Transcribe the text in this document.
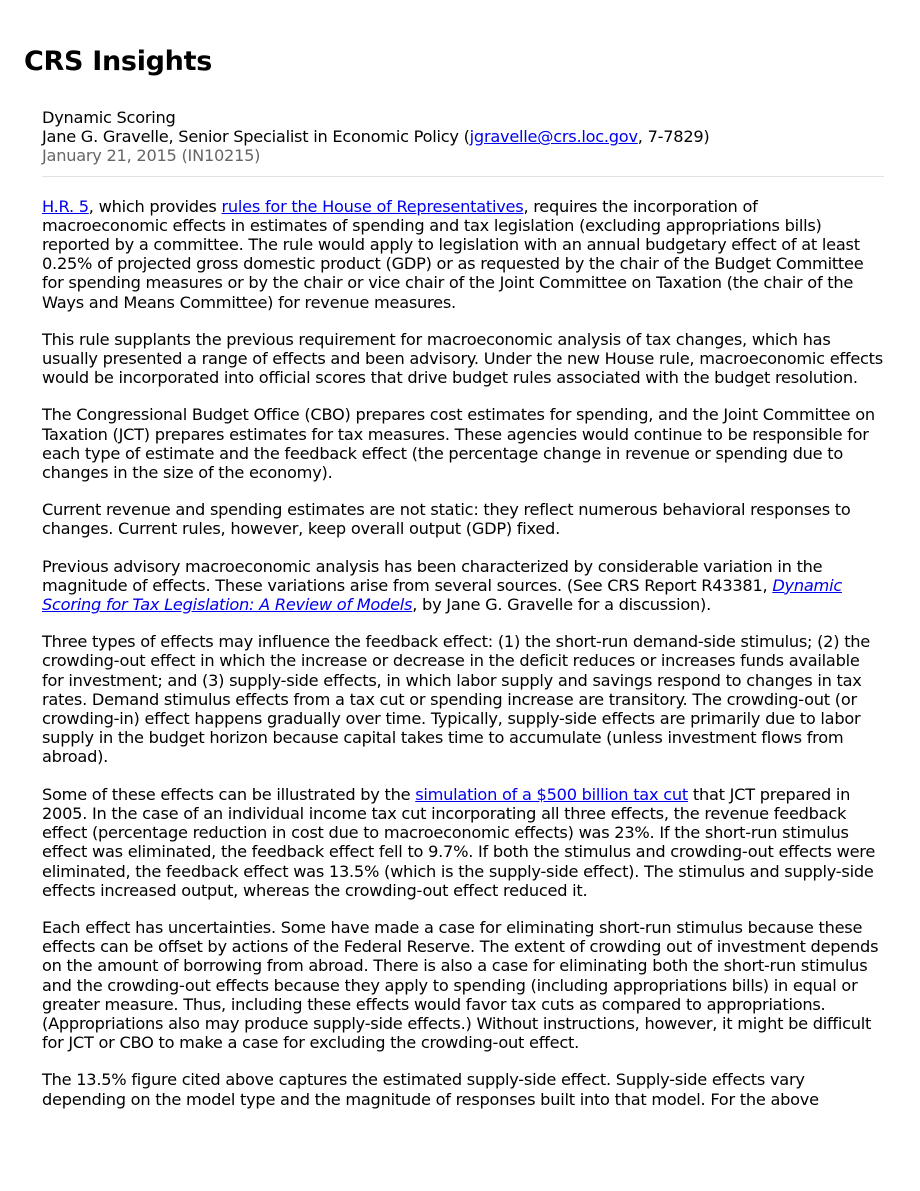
CRS Insights
Dynamic Scoring
Jane G. Gravelle, Senior Specialist in Economic Policy (jgravelle@crs.loc.gov, 7-7829)
January 21, 2015 (IN10215)

H.R. 5, which provides rules for the House of Representatives, requires the incorporation of macroeconomic effects in estimates of spending and tax legislation (excluding appropriations bills) reported by a committee. The rule would apply to legislation with an annual budgetary effect of at least 0.25% of projected gross domestic product (GDP) or as requested by the chair of the Budget Committee for spending measures or by the chair or vice chair of the Joint Committee on Taxation (the chair of the Ways and Means Committee) for revenue measures.

This rule supplants the previous requirement for macroeconomic analysis of tax changes, which has usually presented a range of effects and been advisory. Under the new House rule, macroeconomic effects would be incorporated into official scores that drive budget rules associated with the budget resolution.

The Congressional Budget Office (CBO) prepares cost estimates for spending, and the Joint Committee on Taxation (JCT) prepares estimates for tax measures. These agencies would continue to be responsible for each type of estimate and the feedback effect (the percentage change in revenue or spending due to changes in the size of the economy).

Current revenue and spending estimates are not static: they reflect numerous behavioral responses to changes. Current rules, however, keep overall output (GDP) fixed.

Previous advisory macroeconomic analysis has been characterized by considerable variation in the magnitude of effects. These variations arise from several sources. (See CRS Report R43381, Dynamic Scoring for Tax Legislation: A Review of Models, by Jane G. Gravelle for a discussion).

Three types of effects may influence the feedback effect: (1) the short-run demand-side stimulus; (2) the crowding-out effect in which the increase or decrease in the deficit reduces or increases funds available for investment; and (3) supply-side effects, in which labor supply and savings respond to changes in tax rates. Demand stimulus effects from a tax cut or spending increase are transitory. The crowding-out (or crowding-in) effect happens gradually over time. Typically, supply-side effects are primarily due to labor supply in the budget horizon because capital takes time to accumulate (unless investment flows from abroad).

Some of these effects can be illustrated by the simulation of a $500 billion tax cut that JCT prepared in 2005. In the case of an individual income tax cut incorporating all three effects, the revenue feedback effect (percentage reduction in cost due to macroeconomic effects) was 23%. If the short-run stimulus effect was eliminated, the feedback effect fell to 9.7%. If both the stimulus and crowding-out effects were eliminated, the feedback effect was 13.5% (which is the supply-side effect). The stimulus and supply-side effects increased output, whereas the crowding-out effect reduced it.

Each effect has uncertainties. Some have made a case for eliminating short-run stimulus because these effects can be offset by actions of the Federal Reserve. The extent of crowding out of investment depends on the amount of borrowing from abroad. There is also a case for eliminating both the short-run stimulus and the crowding-out effects because they apply to spending (including appropriations bills) in equal or greater measure. Thus, including these effects would favor tax cuts as compared to appropriations. (Appropriations also may produce supply-side effects.) Without instructions, however, it might be difficult for JCT or CBO to make a case for excluding the crowding-out effect.

The 13.5% figure cited above captures the estimated supply-side effect. Supply-side effects vary depending on the model type and the magnitude of responses built into that model. For the above
